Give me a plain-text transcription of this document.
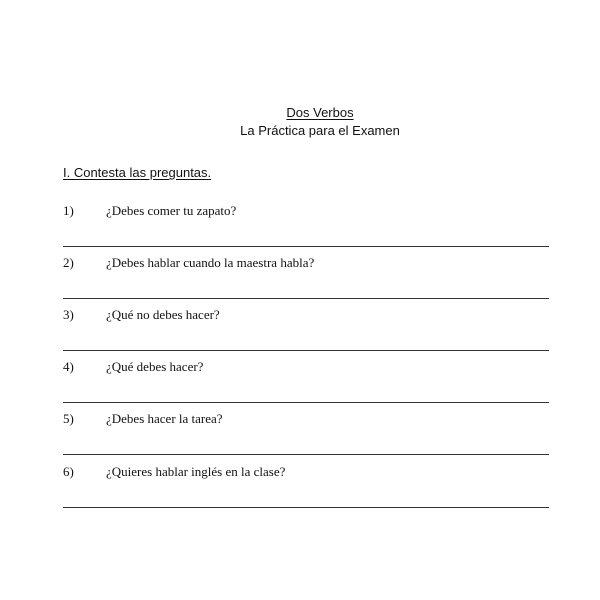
Dos Verbos
La Práctica para el Examen
I. Contesta las preguntas.
1) ¿Debes comer tu zapato?
2) ¿Debes hablar cuando la maestra habla?
3) ¿Qué no debes hacer?
4) ¿Qué debes hacer?
5) ¿Debes hacer la tarea?
6) ¿Quieres hablar inglés en la clase?
